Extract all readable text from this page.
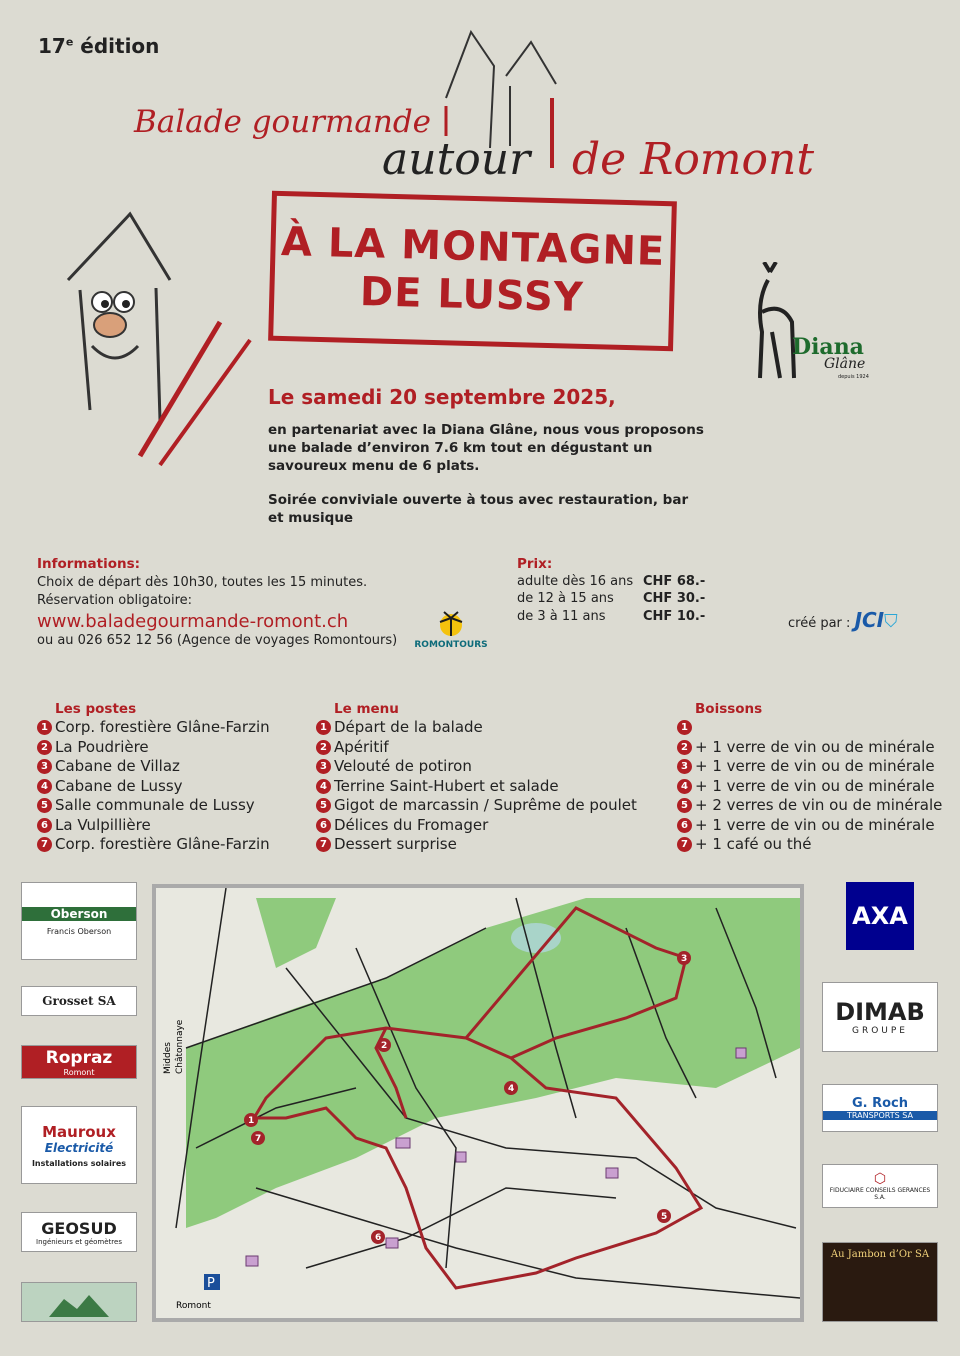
17e édition
Balade gourmande
autour de Romont
À LA MONTAGNE
DE LUSSY
Diana
Glâne
depuis 1924
Le samedi 20 septembre 2025,
en partenariat avec la Diana Glâne, nous vous proposons une balade d’environ 7.6 km tout en dégustant un savoureux menu de 6 plats.
Soirée conviviale ouverte à tous avec restauration, bar et musique
Informations:
Choix de départ dès 10h30, toutes les 15 minutes.
Réservation obligatoire:
www.baladegourmande-romont.ch
ou au 026 652 12 56 (Agence de voyages Romontours) ROMONTOURS
Prix:
adulte dès 16 ans CHF 68.-
de 12 à 15 ans CHF 30.-
de 3 à 11 ans	CHF 10.-	créé par : JCI⛉
Les postes
1 Corp. forestière Glâne-Farzin
2 La Poudrière
3 Cabane de Villaz
4 Cabane de Lussy
5 Salle communale de Lussy
6 La Vulpillière
7 Corp. forestière Glâne-Farzin
Le menu
1 Départ de la balade
2 Apéritif
3 Velouté de potiron
4 Terrine Saint-Hubert et salade
5 Gigot de marcassin / Suprême de poulet
6 Délices du Fromager
7 Dessert surprise
Boissons
1
2 + 1 verre de vin ou de minérale
3 + 1 verre de vin ou de minérale
4 + 1 verre de vin ou de minérale
5 + 2 verres de vin ou de minérale
6 + 1 verre de vin ou de minérale
7 + 1 café ou thé
Oberson
Francis Oberson
Grosset SA
Ropraz
Romont
Mauroux
Electricité
Installations solaires
GEOSUD
Ingénieurs et géomètres
P
1
2
3
4
5
6
7
Middes Châtonnaye
Romont
AXA
DIMAB
GROUPE
G. Roch
TRANSPORTS SA
⬡
FIDUCIAIRE CONSEILS GERANCES S.A.
Au Jambon d’Or SA
